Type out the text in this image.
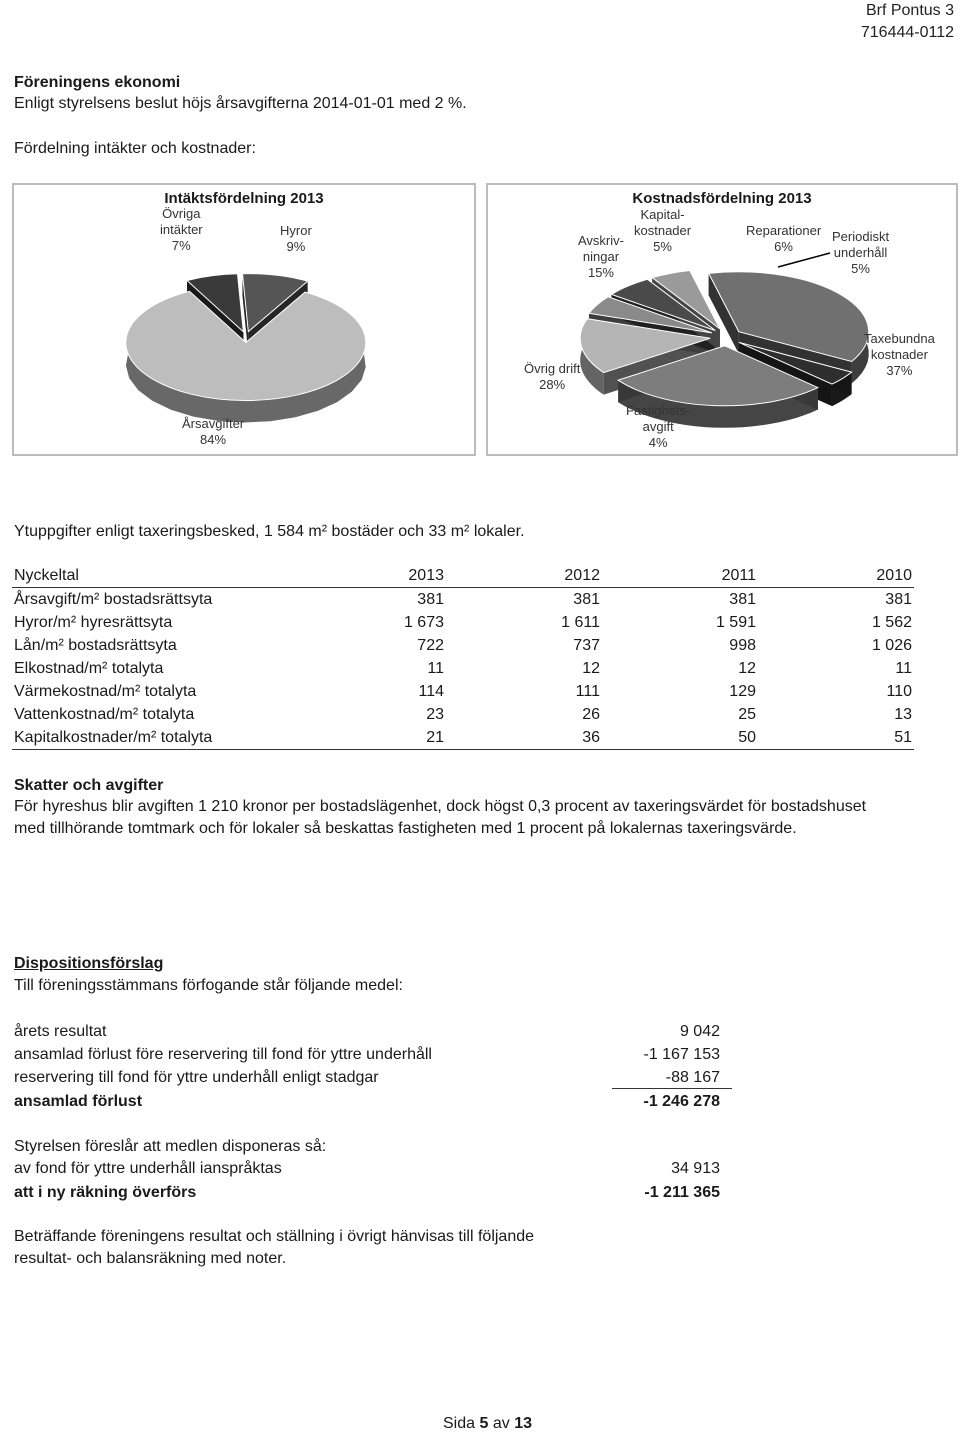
Brf Pontus 3
716444-0112
Föreningens ekonomi
Enligt styrelsens beslut höjs årsavgifterna 2014-01-01 med 2 %.
Fördelning intäkter och kostnader:
Intäktsfördelning 2013
Övriga
intäkter
7%
Hyror
9%
Årsavgifter
84%
Kostnadsfördelning 2013
Kapital-
kostnader
5%
Avskriv-
ningar
15%
Reparationer
6%
Periodiskt
underhåll
5%
Taxebundna
kostnader
37%
Övrig drift
28%
Fastighets-
avgift
4%
Ytuppgifter enligt taxeringsbesked, 1 584 m² bostäder och 33 m² lokaler.
Nyckeltal	2013	2012	2011	2010
Årsavgift/m² bostadsrättsyta	381	381	381	381
Hyror/m² hyresrättsyta	1 673	1 611	1 591	1 562
Lån/m² bostadsrättsyta	722	737	998	1 026
Elkostnad/m² totalyta	11	12	12	11
Värmekostnad/m² totalyta	114	111	129	110
Vattenkostnad/m² totalyta	23	26	25	13
Kapitalkostnader/m² totalyta	21	36	50	51
Skatter och avgifter
För hyreshus blir avgiften 1 210 kronor per bostadslägenhet, dock högst 0,3 procent av taxeringsvärdet för bostadshuset
med tillhörande tomtmark och för lokaler så beskattas fastigheten med 1 procent på lokalernas taxeringsvärde.
Dispositionsförslag
Till föreningsstämmans förfogande står följande medel:
årets resultat	9 042
ansamlad förlust före reservering till fond för yttre underhåll	-1 167 153
reservering till fond för yttre underhåll enligt stadgar	-88 167
ansamlad förlust	-1 246 278
Styrelsen föreslår att medlen disponeras så:
av fond för yttre underhåll ianspråktas	34 913
att i ny räkning överförs	-1 211 365
Beträffande föreningens resultat och ställning i övrigt hänvisas till följande
resultat- och balansräkning med noter.
Sida 5 av 13
